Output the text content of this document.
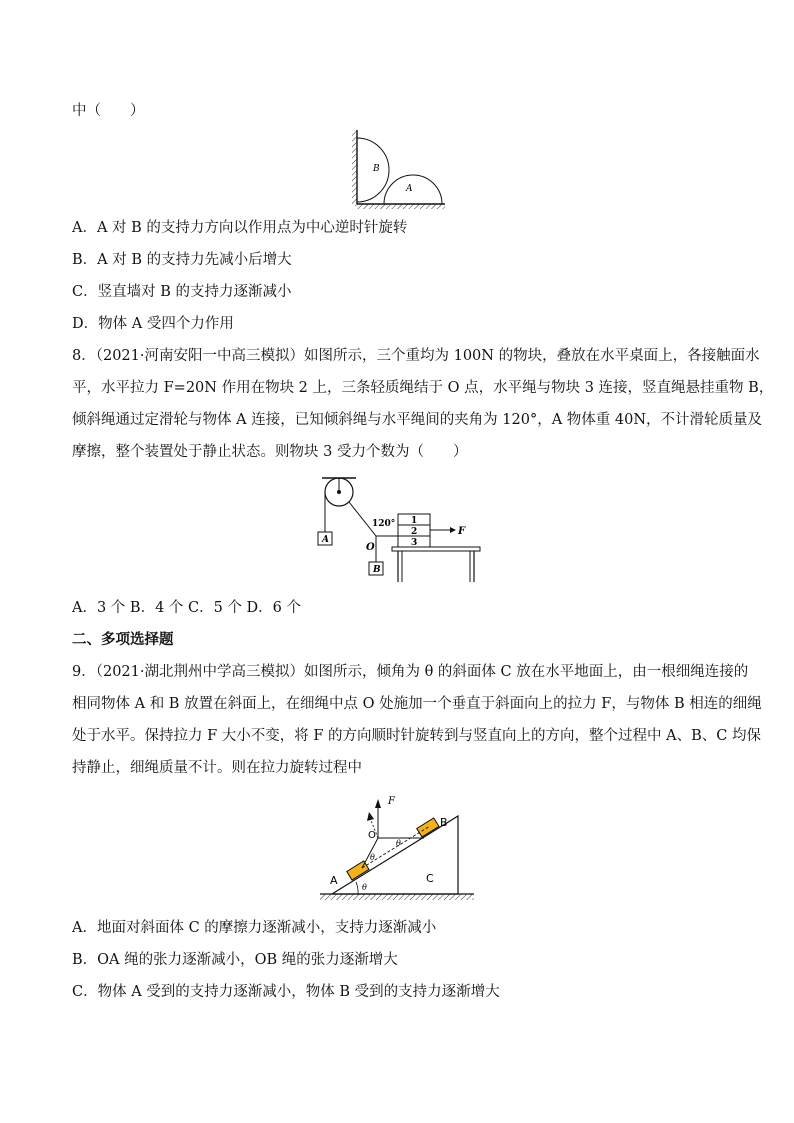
中（　　）
B
A
A．A 对 B 的支持力方向以作用点为中心逆时针旋转
B．A 对 B 的支持力先减小后增大
C．竖直墙对 B 的支持力逐渐减小
D．物体 A 受四个力作用
8．（2021·河南安阳一中高三模拟）如图所示，三个重均为 100N 的物块，叠放在水平桌面上，各接触面水
平，水平拉力 F=20N 作用在物块 2 上，三条轻质绳结于 O 点，水平绳与物块 3 连接，竖直绳悬挂重物 B，
倾斜绳通过定滑轮与物体 A 连接，已知倾斜绳与水平绳间的夹角为 120°，A 物体重 40N，不计滑轮质量及
摩擦，整个装置处于静止状态。则物块 3 受力个数为（　　）
A
B
O
120° 1
2
3
F
A．3 个 B．4 个 C．5 个 D．6 个
二、多项选择题
9．（2021·湖北荆州中学高三模拟）如图所示，倾角为 θ 的斜面体 C 放在水平地面上，由一根细绳连接的
相同物体 A 和 B 放置在斜面上，在细绳中点 O 处施加一个垂直于斜面向上的拉力 F，与物体 B 相连的细绳
处于水平。保持拉力 F 大小不变，将 F 的方向顺时针旋转到与竖直向上的方向，整个过程中 A、B、C 均保
持静止，细绳质量不计。则在拉力旋转过程中
θ
C
A
B
O
θ
θ
F
A．地面对斜面体 C 的摩擦力逐渐减小，支持力逐渐减小
B．OA 绳的张力逐渐减小，OB 绳的张力逐渐增大
C．物体 A 受到的支持力逐渐减小，物体 B 受到的支持力逐渐增大
